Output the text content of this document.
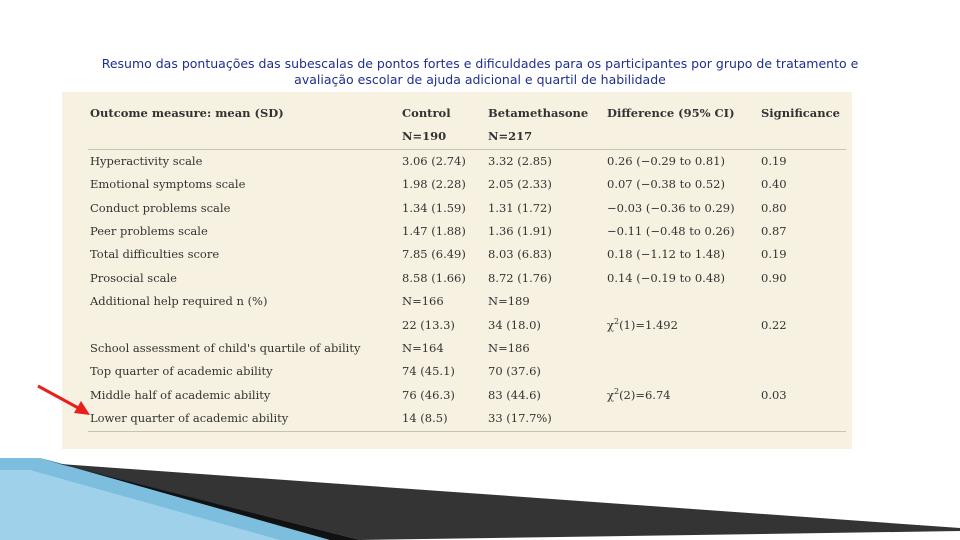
Resumo das pontuações das subescalas de pontos fortes e dificuldades para os participantes por grupo de tratamento e
avaliação escolar de ajuda adicional e quartil de habilidade
Outcome measure: mean (SD)	Control	Betamethasone	Difference (95% CI)	Significance
	N=190	N=217		
Hyperactivity scale	3.06 (2.74)	3.32 (2.85)	0.26 (−0.29 to 0.81)	0.19
Emotional symptoms scale	1.98 (2.28)	2.05 (2.33)	0.07 (−0.38 to 0.52)	0.40
Conduct problems scale	1.34 (1.59)	1.31 (1.72)	−0.03 (−0.36 to 0.29)	0.80
Peer problems scale	1.47 (1.88)	1.36 (1.91)	−0.11 (−0.48 to 0.26)	0.87
Total difficulties score	7.85 (6.49)	8.03 (6.83)	0.18 (−1.12 to 1.48)	0.19
Prosocial scale	8.58 (1.66)	8.72 (1.76)	0.14 (−0.19 to 0.48)	0.90
Additional help required n (%)	N=166	N=189		
	22 (13.3)	34 (18.0)	$\chi^2(1)=1.492$	0.22
School assessment of child's quartile of ability	N=164	N=186		
Top quarter of academic ability	74 (45.1)	70 (37.6)		
Middle half of academic ability	76 (46.3)	83 (44.6)	$\chi^2(2)=6.74$	0.03
Lower quarter of academic ability	14 (8.5)	33 (17.7%)		
